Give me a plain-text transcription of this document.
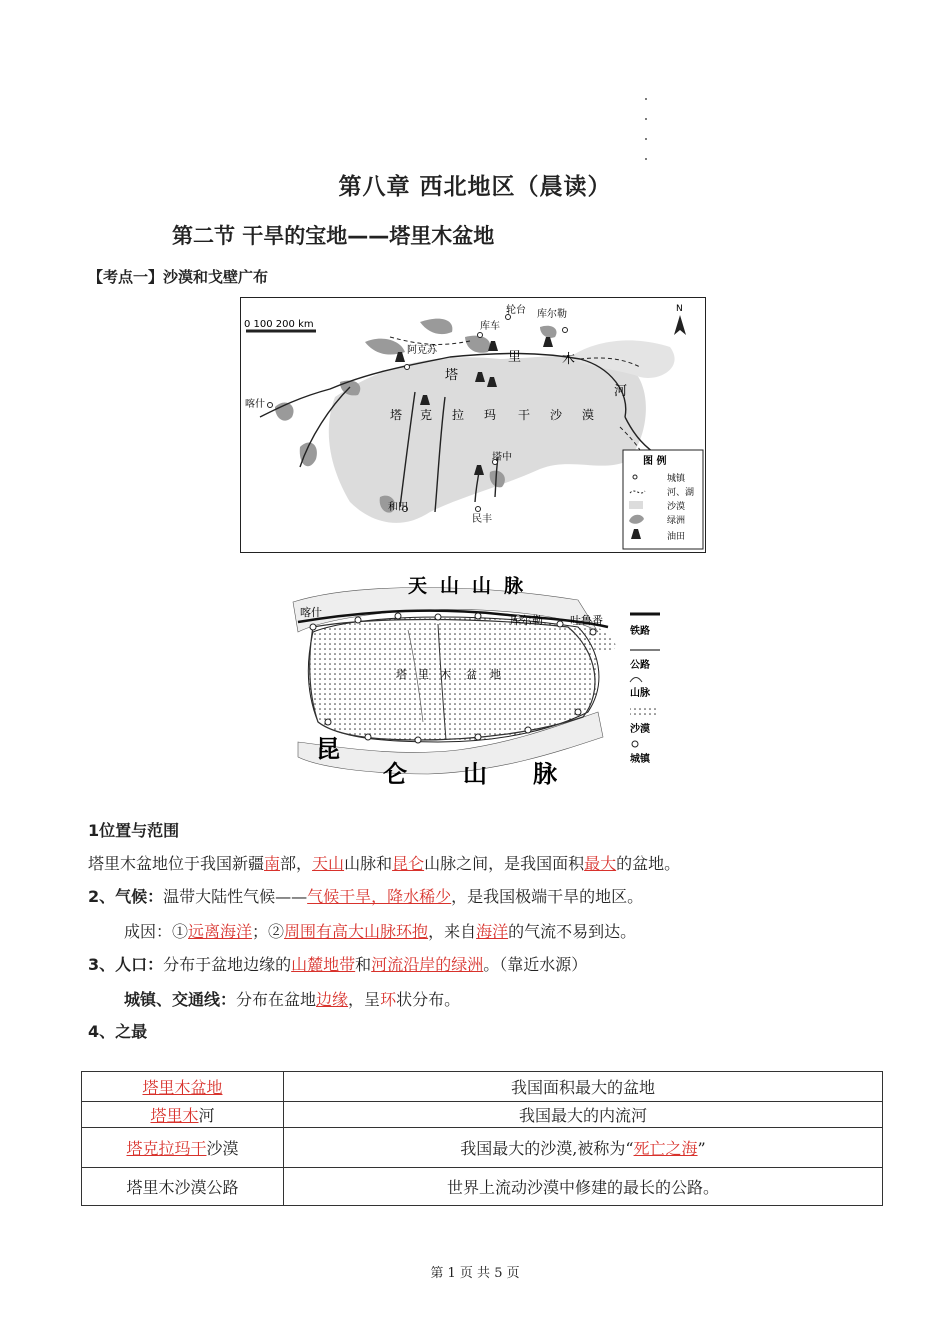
第八章 西北地区（晨读）
第二节 干旱的宝地——塔里木盆地
【考点一】沙漠和戈壁广布
0 100 200 km
N
阿克苏
库车
轮台 库尔勒
喀什
和田
民丰
塔中
塔
里	木
河
塔 克 拉 玛 干 沙 漠
图 例
城镇
河、湖
沙漠
绿洲
油田
天 山 山 脉
昆
仑 山 脉
塔 里 木 盆 地
喀什
库尔勒 吐鲁番
铁路
公路
山脉
沙漠
城镇
1位置与范围
塔里木盆地位于我国新疆南部，天山山脉和昆仑山脉之间，是我国面积最大的盆地。
2、气候：温带大陆性气候——气候干旱，降水稀少，是我国极端干旱的地区。
成因：①远离海洋；②周围有高大山脉环抱，来自海洋的气流不易到达。
3、人口：分布于盆地边缘的山麓地带和河流沿岸的绿洲。（靠近水源）
城镇、交通线：分布在盆地边缘，呈环状分布。
4、之最
塔里木盆地	我国面积最大的盆地
塔里木河	我国最大的内流河
塔克拉玛干沙漠	我国最大的沙漠,被称为“死亡之海”
塔里木沙漠公路	世界上流动沙漠中修建的最长的公路。
第 1 页 共 5 页
